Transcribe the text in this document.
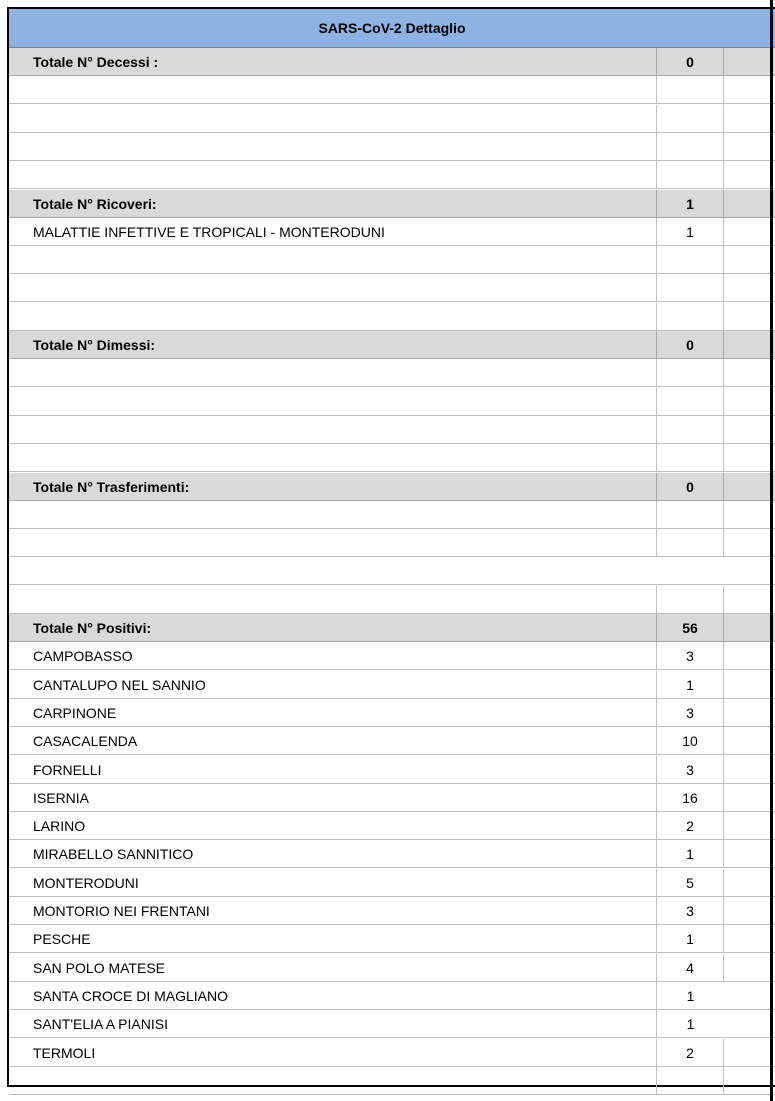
SARS-CoV-2 Dettaglio
Totale N° Decessi :	0
Totale N° Ricoveri:	1
MALATTIE INFETTIVE E TROPICALI - MONTERODUNI	1
Totale N° Dimessi:	0
Totale N° Trasferimenti:	0
Totale N° Positivi:	56
CAMPOBASSO	3
CANTALUPO NEL SANNIO	1
CARPINONE	3
CASACALENDA	10
FORNELLI	3
ISERNIA	16
LARINO	2
MIRABELLO SANNITICO	1
MONTERODUNI	5
MONTORIO NEI FRENTANI	3
PESCHE	1
SAN POLO MATESE	4
SANTA CROCE DI MAGLIANO	1
SANT'ELIA A PIANISI	1
TERMOLI	2
